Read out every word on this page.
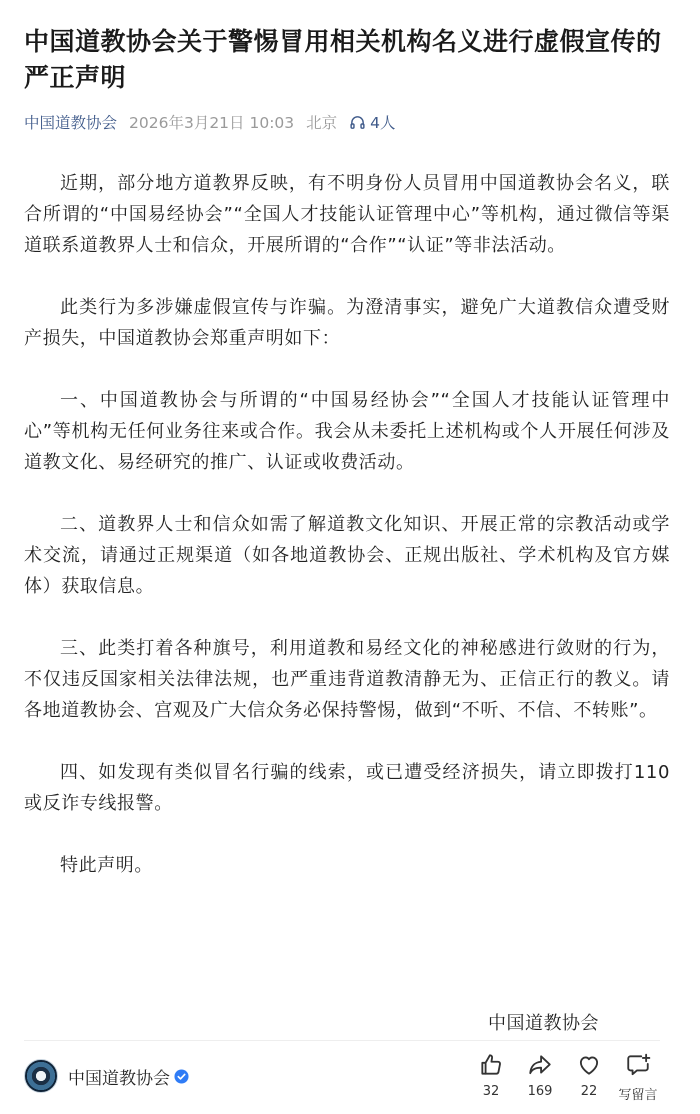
中国道教协会关于警惕冒用相关机构名义进行虚假宣传的严正声明
中国道教协会 2026年3月21日 10:03 北京 4人

近期，部分地方道教界反映，有不明身份人员冒用中国道教协会名义，联合所谓的“中国易经协会”“全国人才技能认证管理中心”等机构，通过微信等渠道联系道教界人士和信众，开展所谓的“合作”“认证”等非法活动。

此类行为多涉嫌虚假宣传与诈骗。为澄清事实，避免广大道教信众遭受财产损失，中国道教协会郑重声明如下：

一、中国道教协会与所谓的“中国易经协会”“全国人才技能认证管理中心”等机构无任何业务往来或合作。我会从未委托上述机构或个人开展任何涉及道教文化、易经研究的推广、认证或收费活动。

二、道教界人士和信众如需了解道教文化知识、开展正常的宗教活动或学术交流，请通过正规渠道（如各地道教协会、正规出版社、学术机构及官方媒体）获取信息。

三、此类打着各种旗号，利用道教和易经文化的神秘感进行敛财的行为，不仅违反国家相关法律法规，也严重违背道教清静无为、正信正行的教义。请各地道教协会、宫观及广大信众务必保持警惕，做到“不听、不信、不转账”。

四、如发现有类似冒名行骗的线索，或已遭受经济损失，请立即拨打110或反诈专线报警。

特此声明。

中国道教协会
中国道教协会
32 169 22 写留言
